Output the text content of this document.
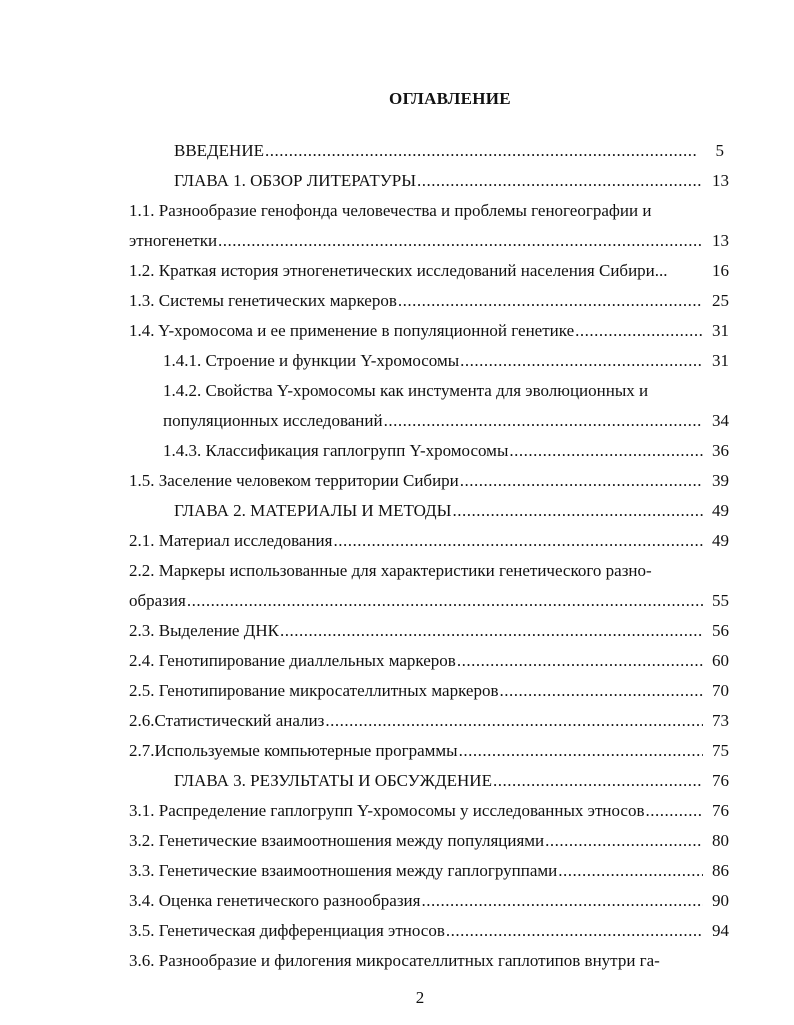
ОГЛАВЛЕНИЕ
ВВЕДЕНИЕ .....	5
ГЛАВА 1. ОБЗОР ЛИТЕРАТУРЫ .....	13
1.1. Разнообразие генофонда человечества и проблемы геногеографии и
этногенетки .....	13
1.2. Краткая история этногенетических исследований населения Сибири...	16
1.3. Системы генетических маркеров .....	25
1.4. Y-хромосома и ее применение в популяционной генетике .....	31
1.4.1. Строение и функции Y-хромосомы .....	31
1.4.2. Свойства Y-хромосомы как инстумента для эволюционных и
популяционных исследований .....	34
1.4.3. Классификация гаплогрупп Y-хромосомы .....	36
1.5. Заселение человеком территории Сибири .....	39
ГЛАВА 2. МАТЕРИАЛЫ И МЕТОДЫ .....	49
2.1. Материал исследования .....	49
2.2. Маркеры использованные для характеристики генетического разно-
образия .....	55
2.3. Выделение ДНК .....	56
2.4. Генотипирование диаллельных маркеров .....	60
2.5. Генотипирование микросателлитных маркеров .....	70
2.6.Статистический анализ .....	73
2.7.Используемые компьютерные программы .....	75
ГЛАВА 3. РЕЗУЛЬТАТЫ И ОБСУЖДЕНИЕ .....	76
3.1. Распределение гаплогрупп Y-хромосомы у исследованных этносов .....	76
3.2. Генетические взаимоотношения между популяциями .....	80
3.3. Генетические взаимоотношения между гаплогруппами .....	86
3.4. Оценка генетического разнообразия .....	90
3.5. Генетическая дифференциация этносов .....	94
3.6. Разнообразие и филогения микросателлитных гаплотипов внутри га-
2
